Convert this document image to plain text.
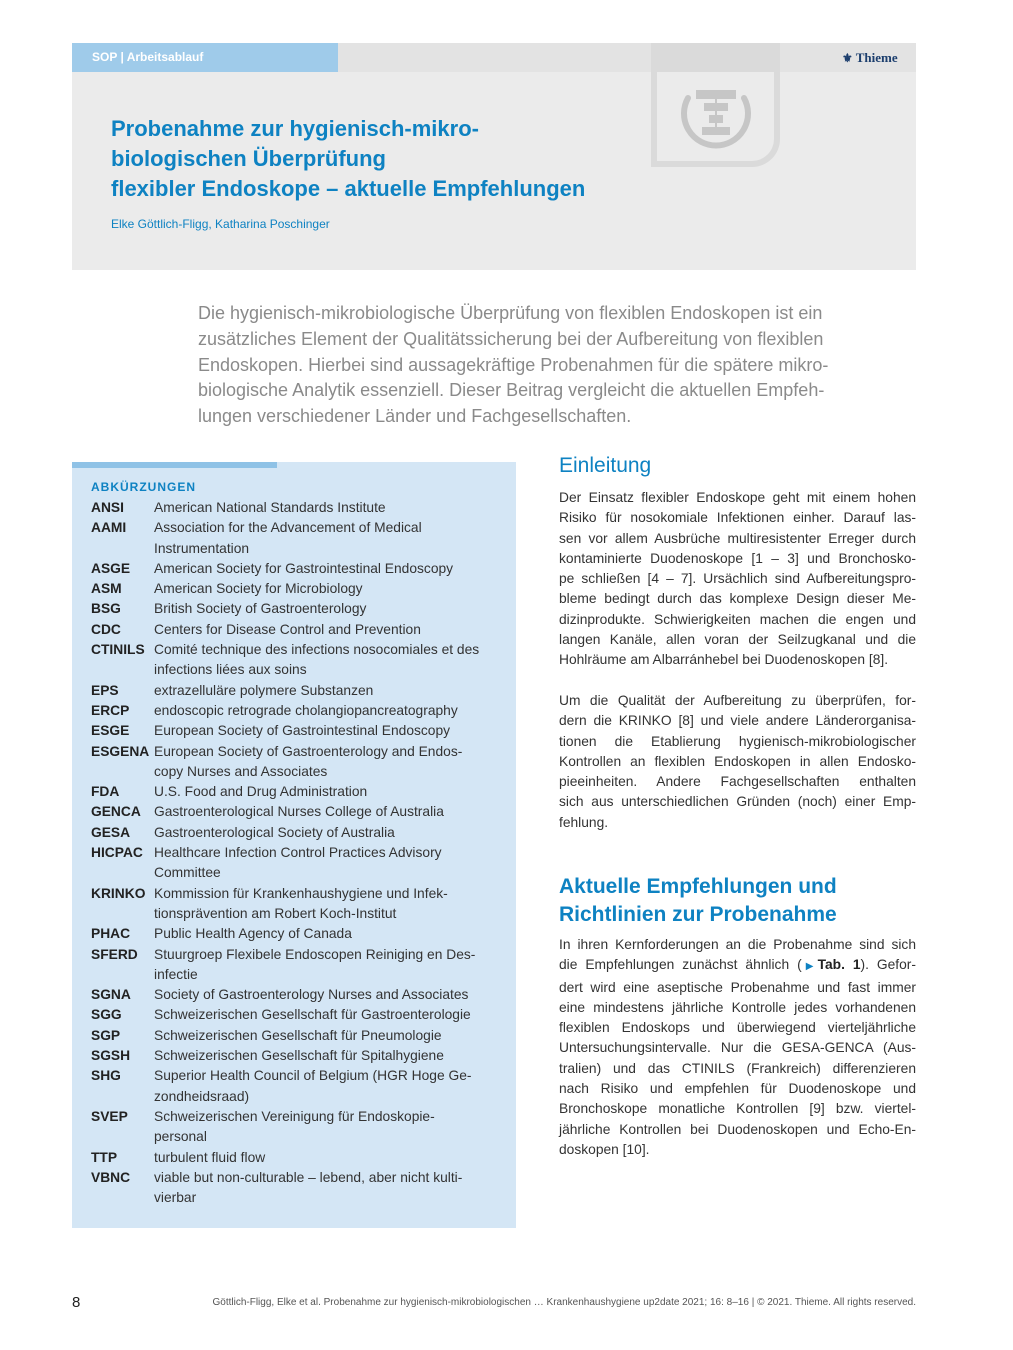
SOP | Arbeitsablauf	⚜ Thieme
Probenahme zur hygienisch-mikro-
biologischen Überprüfung
flexibler Endoskope – aktuelle Empfehlungen
Elke Göttlich-Fligg, Katharina Poschinger
Die hygienisch-mikrobiologische Überprüfung von flexiblen Endoskopen ist ein
zusätzliches Element der Qualitätssicherung bei der Aufbereitung von flexiblen
Endoskopen. Hierbei sind aussagekräftige Probenahmen für die spätere mikro-
biologische Analytik essenziell. Dieser Beitrag vergleicht die aktuellen Empfeh-
lungen verschiedener Länder und Fachgesellschaften.
ABKÜRZUNGEN
ANSI	American National Standards Institute
AAMI	Association for the Advancement of Medical
Instrumentation
ASGE	American Society for Gastrointestinal Endoscopy
ASM	American Society for Microbiology
BSG	British Society of Gastroenterology
CDC	Centers for Disease Control and Prevention
CTINILS Comité technique des infections nosocomiales et des
infections liées aux soins
EPS	extrazelluläre polymere Substanzen
ERCP	endoscopic retrograde cholangiopancreatography
ESGE	European Society of Gastrointestinal Endoscopy
ESGENA European Society of Gastroenterology and Endos-
copy Nurses and Associates
FDA	U.S. Food and Drug Administration
GENCA Gastroenterological Nurses College of Australia
GESA	Gastroenterological Society of Australia
HICPAC Healthcare Infection Control Practices Advisory
Committee
KRINKO Kommission für Krankenhaushygiene und Infek-
tionsprävention am Robert Koch-Institut
PHAC	Public Health Agency of Canada
SFERD	Stuurgroep Flexibele Endoscopen Reiniging en Des-
infectie
SGNA	Society of Gastroenterology Nurses and Associates
SGG	Schweizerischen Gesellschaft für Gastroenterologie
SGP	Schweizerischen Gesellschaft für Pneumologie
SGSH	Schweizerischen Gesellschaft für Spitalhygiene
SHG	Superior Health Council of Belgium (HGR Hoge Ge-
zondheidsraad)
SVEP	Schweizerischen Vereinigung für Endoskopie-
personal
TTP	turbulent fluid flow
VBNC	viable but non-culturable – lebend, aber nicht kulti-
vierbar
Einleitung
Der Einsatz flexibler Endoskope geht mit einem hohen
Risiko für nosokomiale Infektionen einher. Darauf las-
sen vor allem Ausbrüche multiresistenter Erreger durch
kontaminierte Duodenoskope [1 – 3] und Bronchosko-
pe schließen [4 – 7]. Ursächlich sind Aufbereitungspro-
bleme bedingt durch das komplexe Design dieser Me-
dizinprodukte. Schwierigkeiten machen die engen und
langen Kanäle, allen voran der Seilzugkanal und die
Hohlräume am Albarránhebel bei Duodenoskopen [8].
Um die Qualität der Aufbereitung zu überprüfen, for-
dern die KRINKO [8] und viele andere Länderorganisa-
tionen die Etablierung hygienisch-mikrobiologischer
Kontrollen an flexiblen Endoskopen in allen Endosko-
pieeinheiten. Andere Fachgesellschaften enthalten
sich aus unterschiedlichen Gründen (noch) einer Emp-
fehlung.
Aktuelle Empfehlungen und
Richtlinien zur Probenahme
In ihren Kernforderungen an die Probenahme sind sich
die Empfehlungen zunächst ähnlich (▶Tab. 1). Gefor-
dert wird eine aseptische Probenahme und fast immer
eine mindestens jährliche Kontrolle jedes vorhandenen
flexiblen Endoskops und überwiegend vierteljährliche
Untersuchungsintervalle. Nur die GESA-GENCA (Aus-
tralien) und das CTINILS (Frankreich) differenzieren
nach Risiko und empfehlen für Duodenoskope und
Bronchoskope monatliche Kontrollen [9] bzw. viertel-
jährliche Kontrollen bei Duodenoskopen und Echo-En-
doskopen [10].
8	Göttlich-Fligg, Elke et al. Probenahme zur hygienisch-mikrobiologischen … Krankenhaushygiene up2date 2021; 16: 8–16 | © 2021. Thieme. All rights reserved.
